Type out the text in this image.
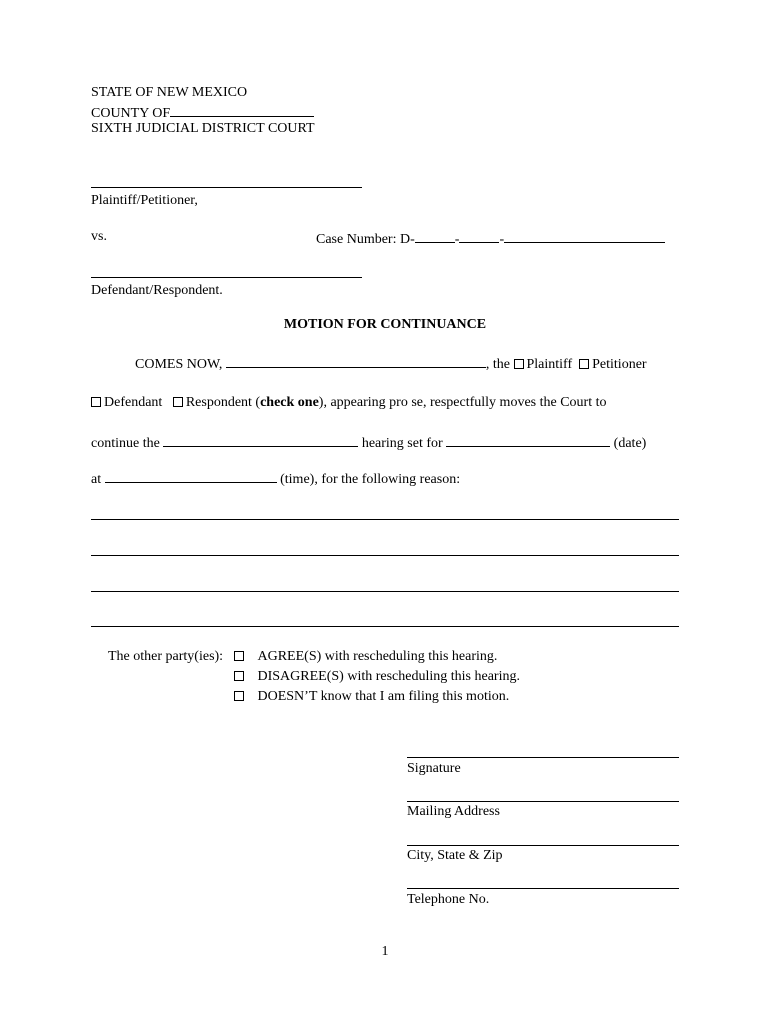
STATE OF NEW MEXICO
COUNTY OF
SIXTH JUDICIAL DISTRICT COURT
Plaintiff/Petitioner,
vs.	Case Number: D-	-	-
Defendant/Respondent.
MOTION FOR CONTINUANCE
COMES NOW,	, the Plaintiff Petitioner
Defendant Respondent (check one), appearing pro se, respectfully moves the Court to
continue the	hearing set for	(date)
at	(time), for the following reason:
The other party(ies):	AGREE(S) with rescheduling this hearing.
DISAGREE(S) with rescheduling this hearing.
DOESN’T know that I am filing this motion.
Signature
Mailing Address
City, State & Zip
Telephone No.
1
